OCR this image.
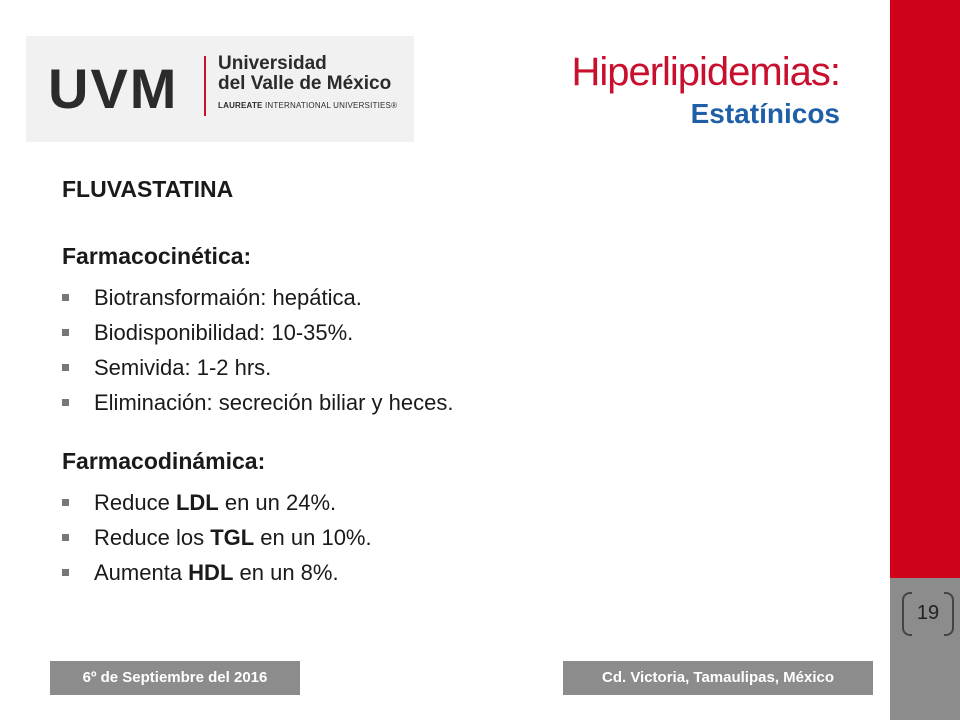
UVM Universidad
del Valle de México
LAUREATE INTERNATIONAL UNIVERSITIES®
Hiperlipidemias:
Estatínicos
FLUVASTATINA
Farmacocinética:
Biotransformaión: hepática.
Biodisponibilidad: 10-35%.
Semivida: 1-2 hrs.
Eliminación: secreción biliar y heces.
Farmacodinámica:
Reduce LDL en un 24%.
Reduce los TGL en un 10%.
Aumenta HDL en un 8%.
19
6º de Septiembre del 2016	Cd. Victoria, Tamaulipas, México
